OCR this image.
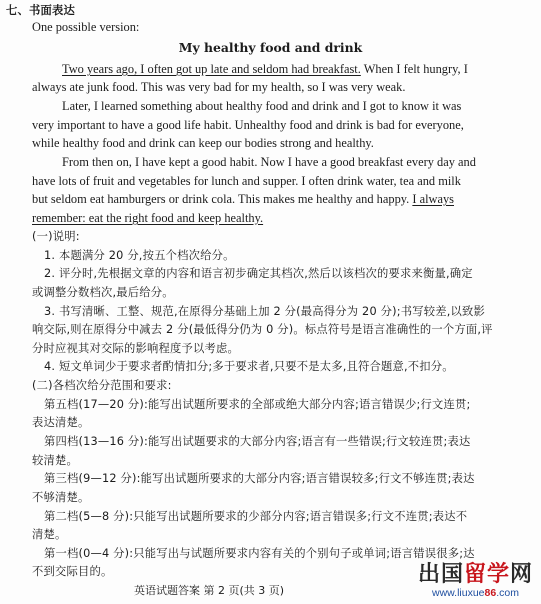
七、书面表达
One possible version:
My healthy food and drink
Two years ago, I often got up late and seldom had breakfast. When I felt hungry, I
always ate junk food. This was very bad for my health, so I was very weak.
Later, I learned something about healthy food and drink and I got to know it was
very important to have a good life habit. Unhealthy food and drink is bad for everyone,
while healthy food and drink can keep our bodies strong and healthy.
From then on, I have kept a good habit. Now I have a good breakfast every day and
have lots of fruit and vegetables for lunch and supper. I often drink water, tea and milk
but seldom eat hamburgers or drink cola. This makes me healthy and happy. I always
remember: eat the right food and keep healthy.
(一)说明:
1. 本题满分 20 分,按五个档次给分。
2. 评分时,先根据文章的内容和语言初步确定其档次,然后以该档次的要求来衡量,确定
或调整分数档次,最后给分。
3. 书写清晰、工整、规范,在原得分基础上加 2 分(最高得分为 20 分);书写较差,以致影
响交际,则在原得分中减去 2 分(最低得分仍为 0 分)。标点符号是语言准确性的一个方面,评
分时应视其对交际的影响程度予以考虑。
4. 短文单词少于要求者酌情扣分;多于要求者,只要不是太多,且符合题意,不扣分。
(二)各档次给分范围和要求:
第五档(17—20 分):能写出试题所要求的全部或绝大部分内容;语言错误少;行文连贯;
表达清楚。
第四档(13—16 分):能写出试题要求的大部分内容;语言有一些错误;行文较连贯;表达
较清楚。
第三档(9—12 分):能写出试题所要求的大部分内容;语言错误较多;行文不够连贯;表达
不够清楚。
第二档(5—8 分):只能写出试题所要求的少部分内容;语言错误多;行文不连贯;表达不
清楚。
第一档(0—4 分):只能写出与试题所要求内容有关的个别句子或单词;语言错误很多;达
不到交际目的。
英语试题答案 第 2 页(共 3 页)
出国留学网
www.liuxue86.com
